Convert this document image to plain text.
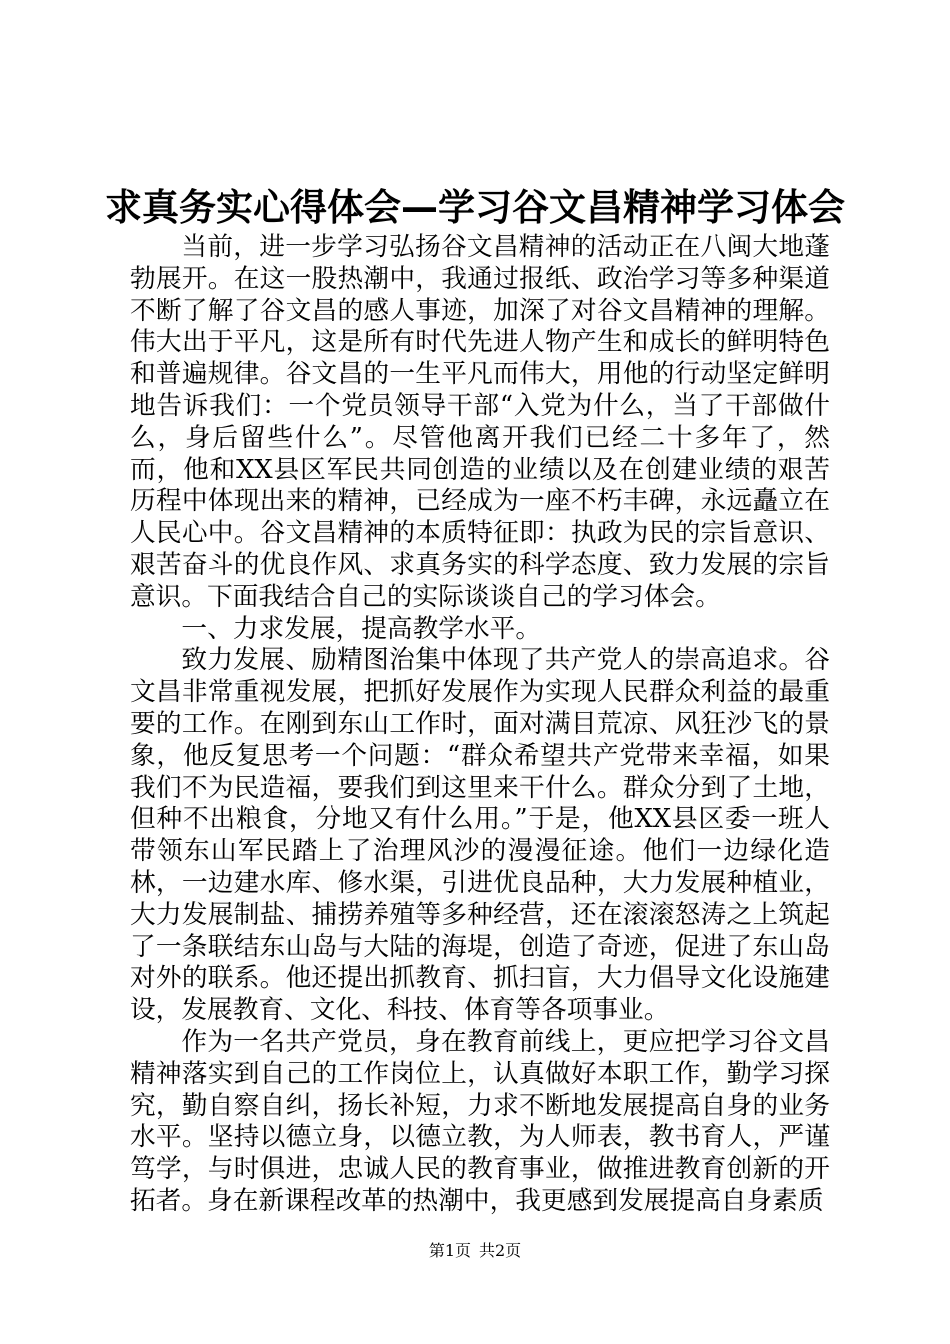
求真务实心得体会—学习谷文昌精神学习体会

当前，进一步学习弘扬谷文昌精神的活动正在八闽大地蓬勃展开。在这一股热潮中，我通过报纸、政治学习等多种渠道不断了解了谷文昌的感人事迹，加深了对谷文昌精神的理解。伟大出于平凡，这是所有时代先进人物产生和成长的鲜明特色和普遍规律。谷文昌的一生平凡而伟大，用他的行动坚定鲜明地告诉我们：一个党员领导干部“入党为什么，当了干部做什么，身后留些什么”。尽管他离开我们已经二十多年了，然而，他和XX县区军民共同创造的业绩以及在创建业绩的艰苦历程中体现出来的精神，已经成为一座不朽丰碑，永远矗立在人民心中。谷文昌精神的本质特征即：执政为民的宗旨意识、艰苦奋斗的优良作风、求真务实的科学态度、致力发展的宗旨意识。下面我结合自己的实际谈谈自己的学习体会。

一、力求发展，提高教学水平。

致力发展、励精图治集中体现了共产党人的崇高追求。谷文昌非常重视发展，把抓好发展作为实现人民群众利益的最重要的工作。在刚到东山工作时，面对满目荒凉、风狂沙飞的景象，他反复思考一个问题：“群众希望共产党带来幸福，如果我们不为民造福，要我们到这里来干什么。群众分到了土地，但种不出粮食，分地又有什么用。”于是，他XX县区委一班人带领东山军民踏上了治理风沙的漫漫征途。他们一边绿化造林，一边建水库、修水渠，引进优良品种，大力发展种植业，大力发展制盐、捕捞养殖等多种经营，还在滚滚怒涛之上筑起了一条联结东山岛与大陆的海堤，创造了奇迹，促进了东山岛对外的联系。他还提出抓教育、抓扫盲，大力倡导文化设施建设，发展教育、文化、科技、体育等各项事业。

作为一名共产党员，身在教育前线上，更应把学习谷文昌精神落实到自己的工作岗位上，认真做好本职工作，勤学习探究，勤自察自纠，扬长补短，力求不断地发展提高自身的业务水平。坚持以德立身，以德立教，为人师表，教书育人，严谨笃学，与时俱进，忠诚人民的教育事业，做推进教育创新的开拓者。身在新课程改革的热潮中，我更感到发展提高自身素质

第1页 共2页
